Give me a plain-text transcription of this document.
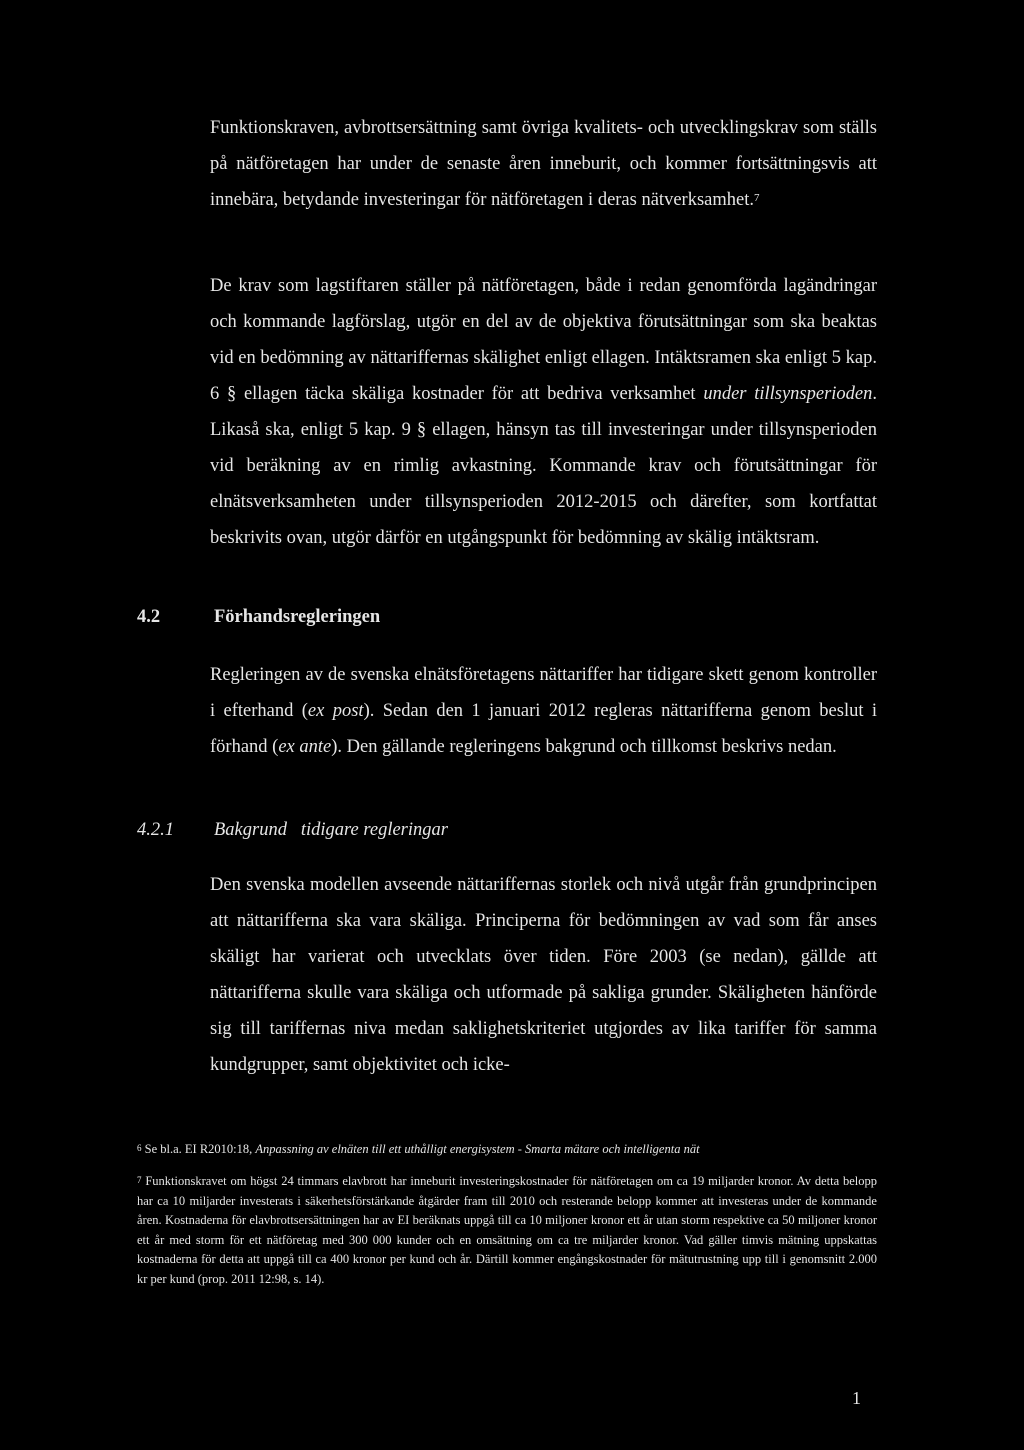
Funktionskraven, avbrottsersättning samt övriga kvalitets- och utvecklingskrav som ställs på nätföretagen har under de senaste åren inneburit, och kommer fortsättningsvis att innebära, betydande investeringar för nätföretagen i deras nätverksamhet.$^7$

De krav som lagstiftaren ställer på nätföretagen, både i redan genomförda lagändringar och kommande lagförslag, utgör en del av de objektiva förutsättningar som ska beaktas vid en bedömning av nättariffernas skälighet enligt ellagen. Intäktsramen ska enligt 5 kap. 6 § ellagen täcka skäliga kostnader för att bedriva verksamhet under tillsynsperioden. Likaså ska, enligt 5 kap. 9 § ellagen, hänsyn tas till investeringar under tillsynsperioden vid beräkning av en rimlig avkastning. Kommande krav och förutsättningar för elnätsverksamheten under tillsynsperioden 2012-2015 och därefter, som kortfattat beskrivits ovan, utgör därför en utgångspunkt för bedömning av skälig intäktsram.

4.2	Förhandsregleringen

Regleringen av de svenska elnätsföretagens nättariffer har tidigare skett genom kontroller i efterhand (ex post). Sedan den 1 januari 2012 regleras nättarifferna genom beslut i förhand (ex ante). Den gällande regleringens bakgrund och tillkomst beskrivs nedan.

4.2.1 Bakgrund   tidigare regleringar

Den svenska modellen avseende nättariffernas storlek och nivå utgår från grundprincipen att nättarifferna ska vara skäliga. Principerna för bedömningen av vad som får anses skäligt har varierat och utvecklats över tiden. Före 2003 (se nedan), gällde att nättarifferna skulle vara skäliga och utformade på sakliga grunder. Skäligheten hänförde sig till tariffernas niva medan saklighetskriteriet utgjordes av lika tariffer för samma kundgrupper, samt objektivitet och icke-

$^6$ Se bl.a. EI R2010:18, Anpassning av elnäten till ett uthålligt energisystem - Smarta mätare och intelligenta nät
$^7$ Funktionskravet om högst 24 timmars elavbrott har inneburit investeringskostnader för nätföretagen om ca 19 miljarder kronor. Av detta belopp har ca 10 miljarder investerats i säkerhetsförstärkande åtgärder fram till 2010 och resterande belopp kommer att investeras under de kommande åren. Kostnaderna för elavbrottsersättningen har av EI beräknats uppgå till ca 10 miljoner kronor ett år utan storm respektive ca 50 miljoner kronor ett år med storm för ett nätföretag med 300 000 kunder och en omsättning om ca tre miljarder kronor. Vad gäller timvis mätning uppskattas kostnaderna för detta att uppgå till ca 400 kronor per kund och år. Därtill kommer engångskostnader för mätutrustning upp till i genomsnitt 2.000 kr per kund (prop. 2011 12:98, s. 14).
1
